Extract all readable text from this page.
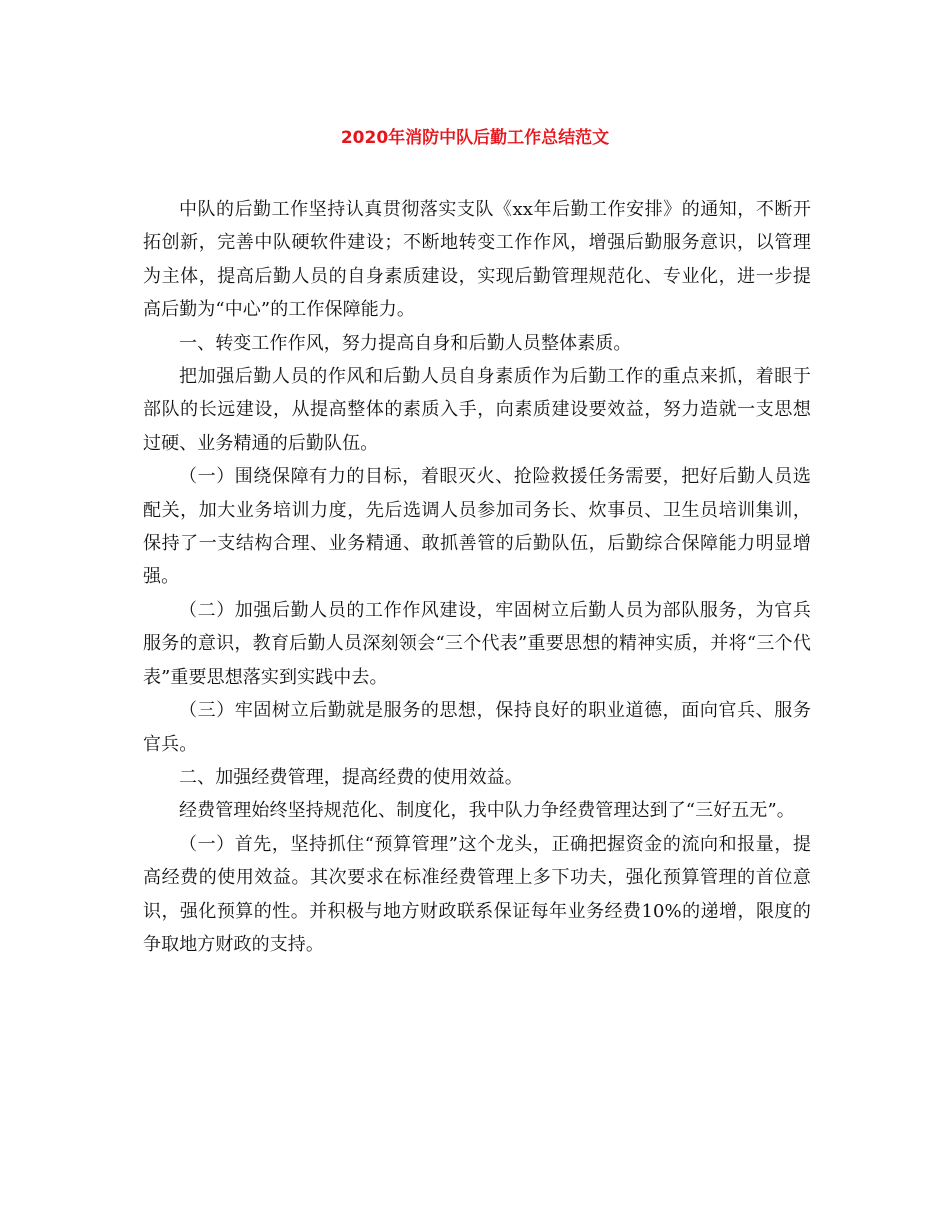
2020年消防中队后勤工作总结范文

中队的后勤工作坚持认真贯彻落实支队《xx年后勤工作安排》的通知，不断开拓创新，完善中队硬软件建设；不断地转变工作作风，增强后勤服务意识，以管理为主体，提高后勤人员的自身素质建设，实现后勤管理规范化、专业化，进一步提高后勤为“中心”的工作保障能力。

一、转变工作作风，努力提高自身和后勤人员整体素质。

把加强后勤人员的作风和后勤人员自身素质作为后勤工作的重点来抓，着眼于部队的长远建设，从提高整体的素质入手，向素质建设要效益，努力造就一支思想过硬、业务精通的后勤队伍。

（一）围绕保障有力的目标，着眼灭火、抢险救援任务需要，把好后勤人员选配关，加大业务培训力度，先后选调人员参加司务长、炊事员、卫生员培训集训，保持了一支结构合理、业务精通、敢抓善管的后勤队伍，后勤综合保障能力明显增强。

（二）加强后勤人员的工作作风建设，牢固树立后勤人员为部队服务，为官兵服务的意识，教育后勤人员深刻领会“三个代表”重要思想的精神实质，并将“三个代表”重要思想落实到实践中去。

（三）牢固树立后勤就是服务的思想，保持良好的职业道德，面向官兵、服务官兵。

二、加强经费管理，提高经费的使用效益。

经费管理始终坚持规范化、制度化，我中队力争经费管理达到了“三好五无”。

（一）首先，坚持抓住“预算管理”这个龙头，正确把握资金的流向和报量，提高经费的使用效益。其次要求在标准经费管理上多下功夫，强化预算管理的首位意识，强化预算的性。并积极与地方财政联系保证每年业务经费10%的递增，限度的争取地方财政的支持。
